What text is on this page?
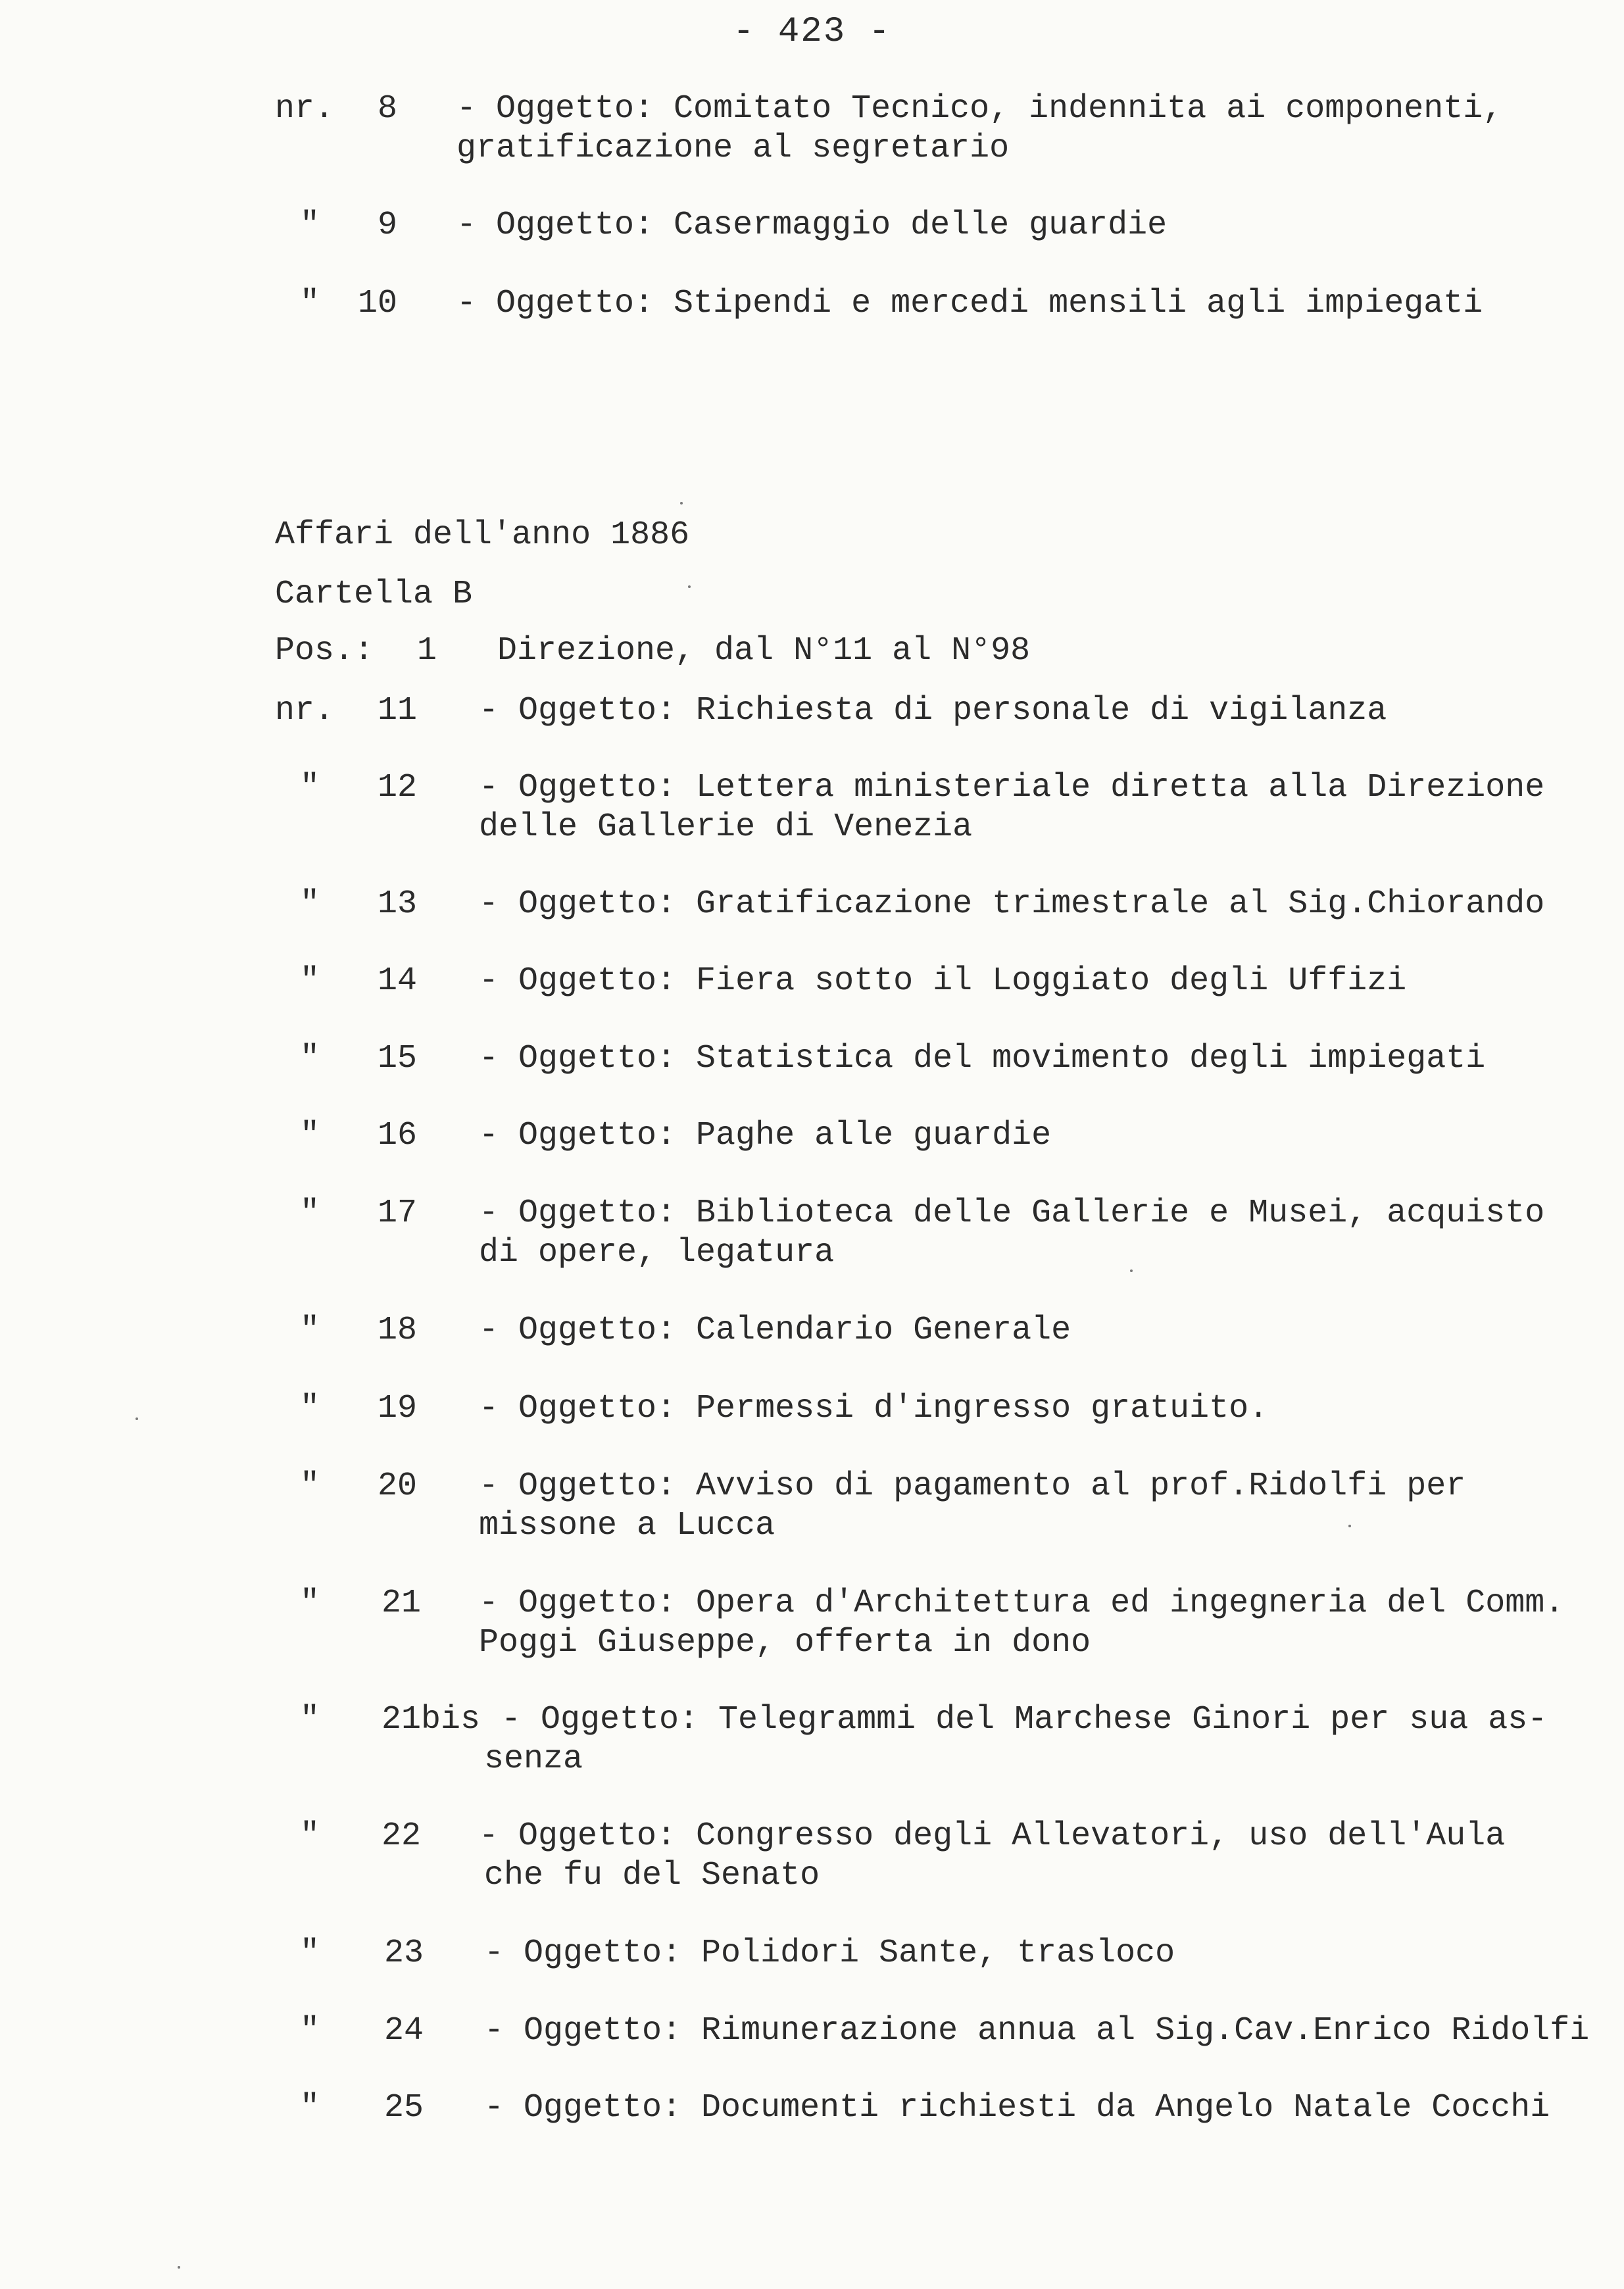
- 423 -
nr. 8 - Oggetto: Comitato Tecnico, indennita ai componenti,
gratificazione al segretario
" 9 - Oggetto: Casermaggio delle guardie
" 10 - Oggetto: Stipendi e mercedi mensili agli impiegati
Affari dell'anno 1886
Cartella B
Pos.: 1 Direzione, dal N°11 al N°98
nr. 11 - Oggetto: Richiesta di personale di vigilanza
" 12 - Oggetto: Lettera ministeriale diretta alla Direzione
delle Gallerie di Venezia
" 13 - Oggetto: Gratificazione trimestrale al Sig.Chiorando
" 14 - Oggetto: Fiera sotto il Loggiato degli Uffizi
" 15 - Oggetto: Statistica del movimento degli impiegati
" 16 - Oggetto: Paghe alle guardie
" 17 - Oggetto: Biblioteca delle Gallerie e Musei, acquisto
di opere, legatura
" 18 - Oggetto: Calendario Generale
" 19 - Oggetto: Permessi d'ingresso gratuito.
" 20 - Oggetto: Avviso di pagamento al prof.Ridolfi per
missone a Lucca
" 21 - Oggetto: Opera d'Architettura ed ingegneria del Comm.
Poggi Giuseppe, offerta in dono
" 21bis - Oggetto: Telegrammi del Marchese Ginori per sua as-
senza
" 22 - Oggetto: Congresso degli Allevatori, uso dell'Aula
che fu del Senato
" 23 - Oggetto: Polidori Sante, trasloco
" 24 - Oggetto: Rimunerazione annua al Sig.Cav.Enrico Ridolfi
" 25 - Oggetto: Documenti richiesti da Angelo Natale Cocchi
